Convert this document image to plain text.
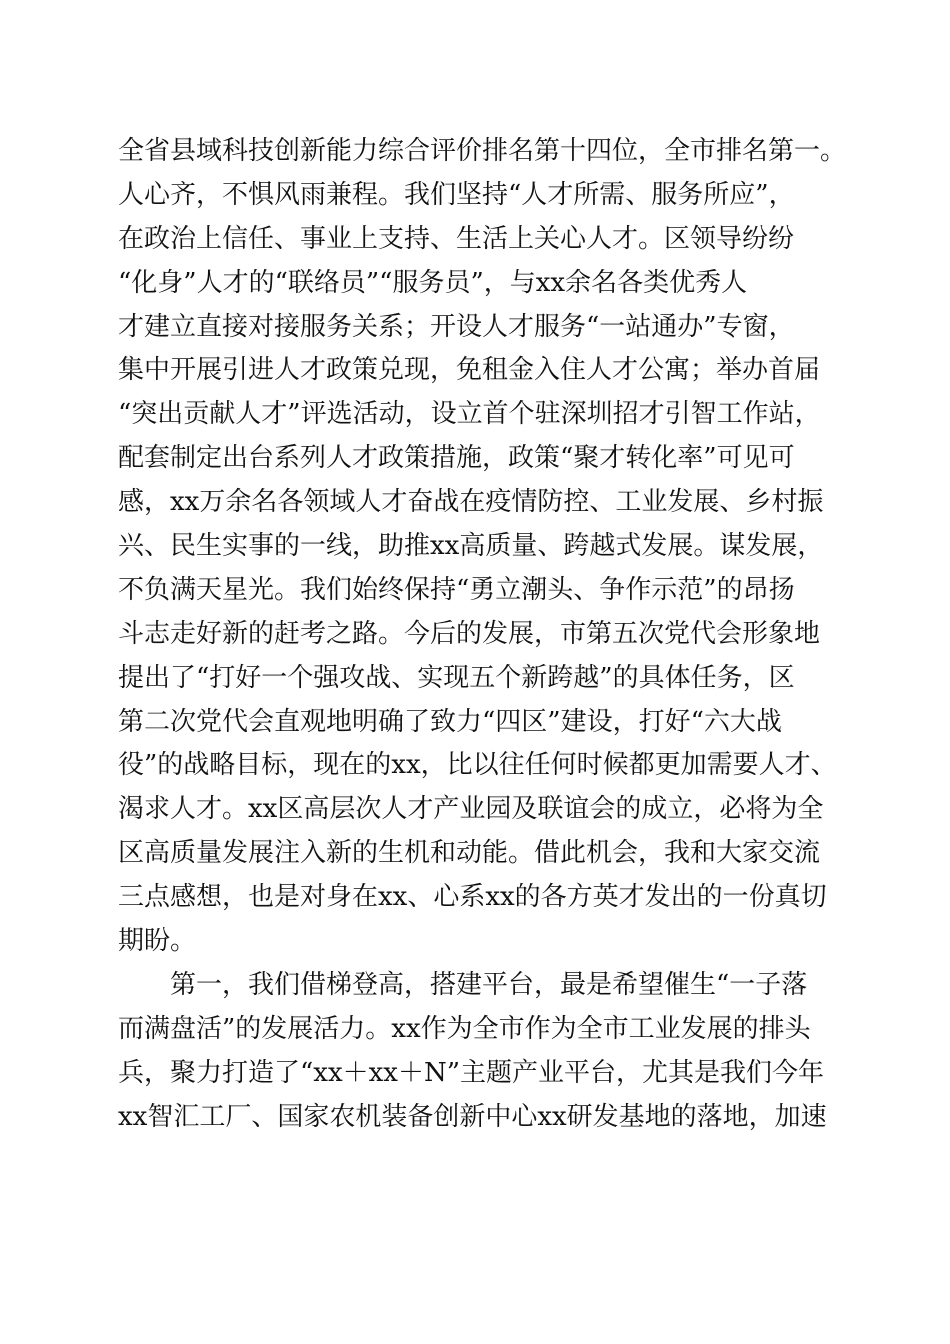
全省县域科技创新能力综合评价排名第十四位，全市排名第一。
人心齐，不惧风雨兼程。我们坚持“人才所需、服务所应”，
在政治上信任、事业上支持、生活上关心人才。区领导纷纷
“化身”人才的“联络员”“服务员”，与xx余名各类优秀人
才建立直接对接服务关系；开设人才服务“一站通办”专窗，
集中开展引进人才政策兑现，免租金入住人才公寓；举办首届
“突出贡献人才”评选活动，设立首个驻深圳招才引智工作站，
配套制定出台系列人才政策措施，政策“聚才转化率”可见可
感，xx万余名各领域人才奋战在疫情防控、工业发展、乡村振
兴、民生实事的一线，助推xx高质量、跨越式发展。谋发展，
不负满天星光。我们始终保持“勇立潮头、争作示范”的昂扬
斗志走好新的赶考之路。今后的发展，市第五次党代会形象地
提出了“打好一个强攻战、实现五个新跨越”的具体任务，区
第二次党代会直观地明确了致力“四区”建设，打好“六大战
役”的战略目标，现在的xx，比以往任何时候都更加需要人才、
渴求人才。xx区高层次人才产业园及联谊会的成立，必将为全
区高质量发展注入新的生机和动能。借此机会，我和大家交流
三点感想，也是对身在xx、心系xx的各方英才发出的一份真切
期盼。
第一，我们借梯登高，搭建平台，最是希望催生“一子落
而满盘活”的发展活力。xx作为全市作为全市工业发展的排头
兵，聚力打造了“xx＋xx＋N”主题产业平台，尤其是我们今年
xx智汇工厂、国家农机装备创新中心xx研发基地的落地，加速
